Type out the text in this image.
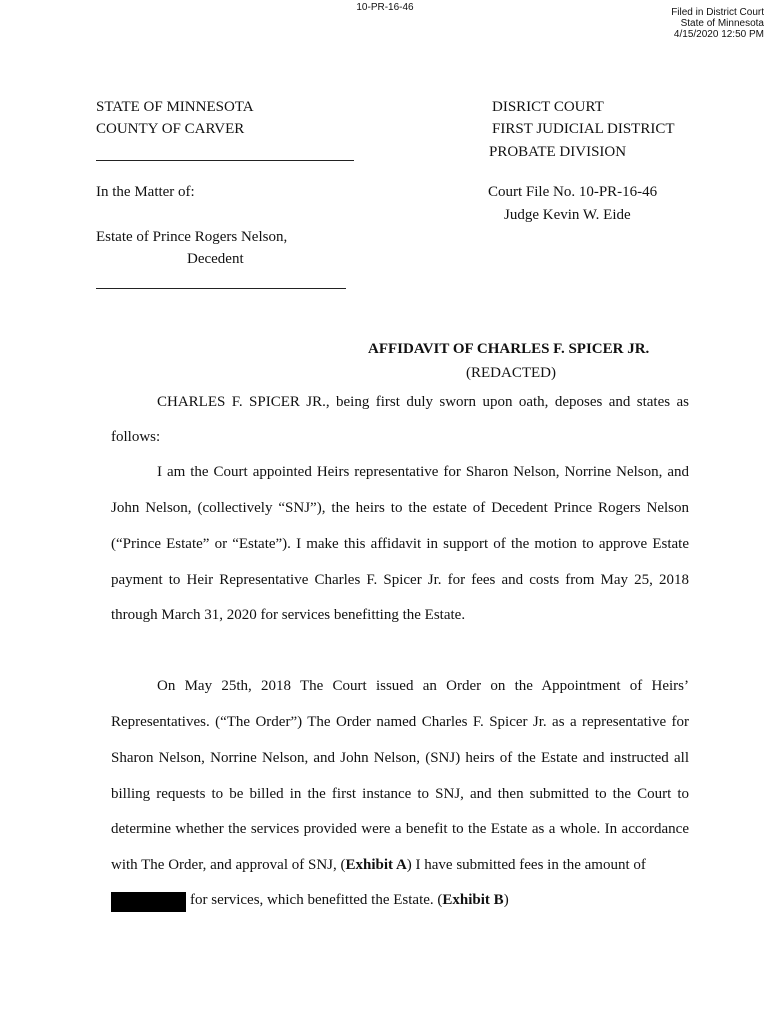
10-PR-16-46	Filed in District Court
State of Minnesota
4/15/2020 12:50 PM
STATE OF MINNESOTA
COUNTY OF CARVER
DISRICT COURT
FIRST JUDICIAL DISTRICT
PROBATE DIVISION
In the Matter of:	Court File No. 10-PR-16-46
Judge Kevin W. Eide
Estate of Prince Rogers Nelson,
Decedent
AFFIDAVIT OF CHARLES F. SPICER JR.
(REDACTED)
CHARLES F. SPICER JR., being first duly sworn upon oath, deposes and states as
follows:
I am the Court appointed Heirs representative for Sharon Nelson, Norrine Nelson, and
John Nelson, (collectively “SNJ”), the heirs to the estate of Decedent Prince Rogers Nelson
(“Prince Estate” or “Estate”). I make this affidavit in support of the motion to approve Estate
payment to Heir Representative Charles F. Spicer Jr. for fees and costs from May 25, 2018
through March 31, 2020 for services benefitting the Estate.
On May 25th, 2018 The Court issued an Order on the Appointment of Heirs’
Representatives. (“The Order”) The Order named Charles F. Spicer Jr. as a representative for
Sharon Nelson, Norrine Nelson, and John Nelson, (SNJ) heirs of the Estate and instructed all
billing requests to be billed in the first instance to SNJ, and then submitted to the Court to
determine whether the services provided were a benefit to the Estate as a whole. In accordance
with The Order, and approval of SNJ, (Exhibit A) I have submitted fees in the amount of
for services, which benefitted the Estate. (Exhibit B)
